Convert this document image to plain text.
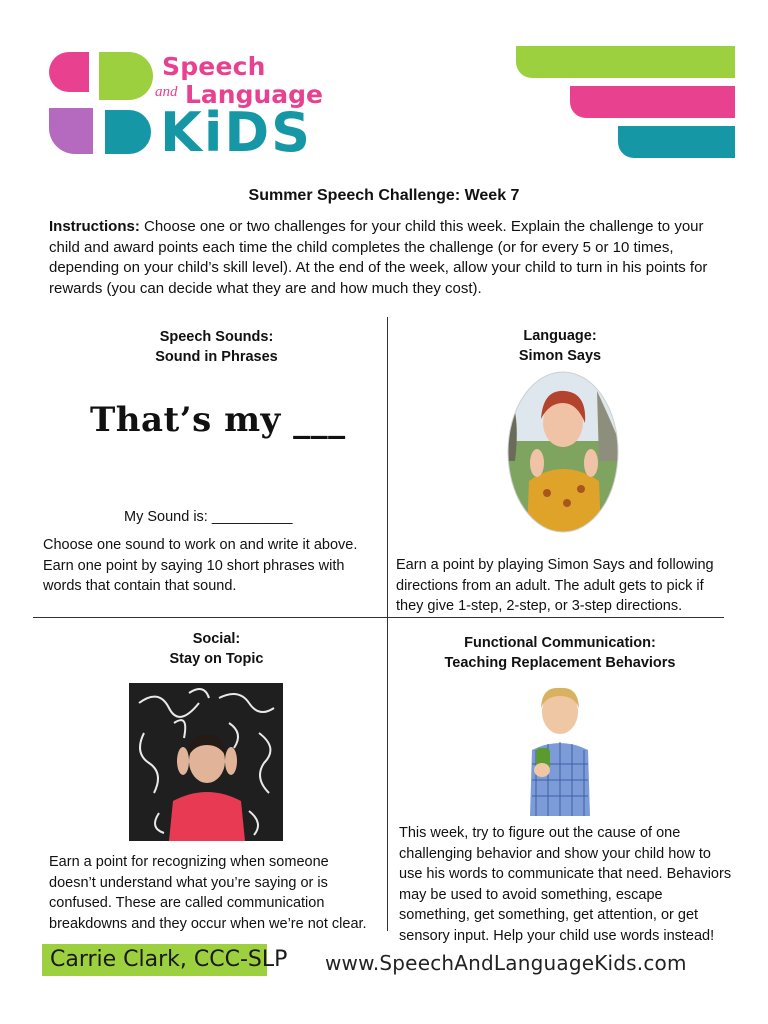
Speech
and Language
KiDS
Summer Speech Challenge: Week 7
Instructions: Choose one or two challenges for your child this week. Explain the challenge to your child and award points each time the child completes the challenge (or for every 5 or 10 times, depending on your child’s skill level). At the end of the week, allow your child to turn in his points for rewards (you can decide what they are and how much they cost).
Speech Sounds:
Sound in Phrases
That’s my ___
My Sound is: __________
Choose one sound to work on and write it above. Earn one point by saying 10 short phrases with words that contain that sound.
Language:
Simon Says
Earn a point by playing Simon Says and following directions from an adult. The adult gets to pick if they give 1-step, 2-step, or 3-step directions.
Social:
Stay on Topic
Earn a point for recognizing when someone doesn’t understand what you’re saying or is confused. These are called communication breakdowns and they occur when we’re not clear.
Functional Communication:
Teaching Replacement Behaviors
This week, try to figure out the cause of one challenging behavior and show your child how to use his words to communicate that need. Behaviors may be used to avoid something, escape something, get something, get attention, or get sensory input. Help your child use words instead!
Carrie Clark, CCC-SLP www.SpeechAndLanguageKids.com
